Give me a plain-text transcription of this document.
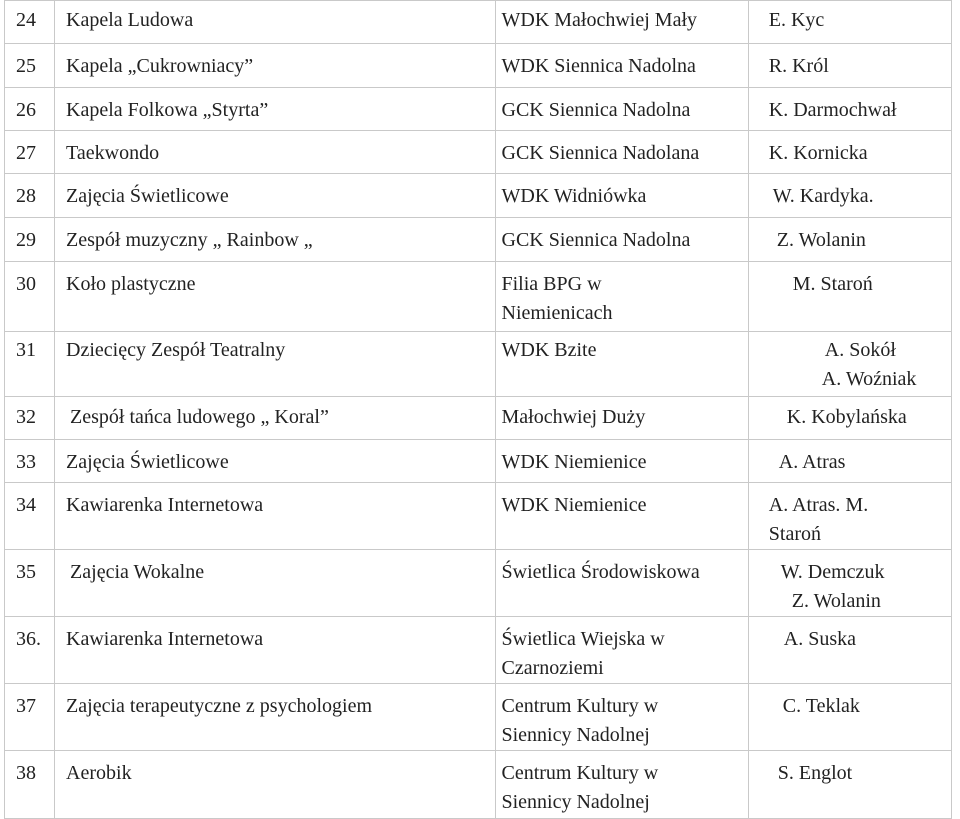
24	Kapela Ludowa	WDK Małochwiej Mały	E. Kyc

25	Kapela „Cukrowniacy”	WDK Siennica Nadolna	R. Król

26	Kapela Folkowa „Styrta”	GCK Siennica Nadolna	K. Darmochwał

27	Taekwondo	GCK Siennica Nadolana	K. Kornicka

28	Zajęcia Świetlicowe	WDK Widniówka	W. Kardyka.

29	Zespół muzyczny „ Rainbow „	GCK Siennica Nadolna	Z. Wolanin

30	Koło plastyczne	Filia BPG w
Niemienicach	M. Staroń

31	Dziecięcy Zespół Teatralny	WDK Bzite	A. Sokół
A. Woźniak

32	Zespół tańca ludowego „ Koral”	Małochwiej Duży	K. Kobylańska

33	Zajęcia Świetlicowe	WDK Niemienice	A. Atras

34	Kawiarenka Internetowa	WDK Niemienice	A. Atras. M.
Staroń

35	Zajęcia Wokalne	Świetlica Środowiskowa	W. Demczuk
Z. Wolanin

36.	Kawiarenka Internetowa	Świetlica Wiejska w
Czarnoziemi	A. Suska

37	Zajęcia terapeutyczne z psychologiem	Centrum Kultury w
Siennicy Nadolnej	C. Teklak

38	Aerobik	Centrum Kultury w
Siennicy Nadolnej	S. Englot
